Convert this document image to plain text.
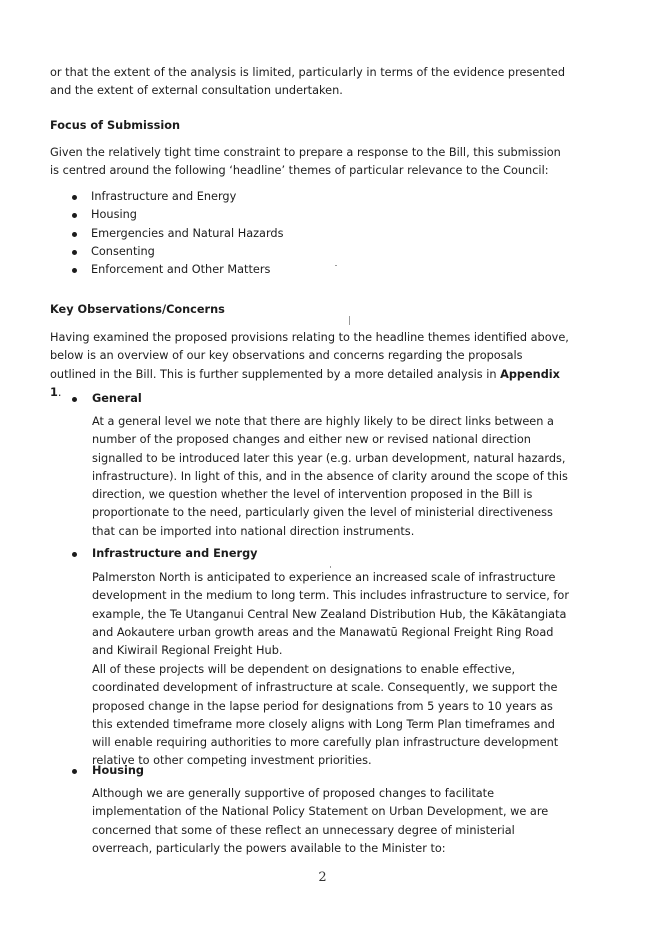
or that the extent of the analysis is limited, particularly in terms of the evidence presented and the extent of external consultation undertaken.

Focus of Submission

Given the relatively tight time constraint to prepare a response to the Bill, this submission is centred around the following ‘headline’ themes of particular relevance to the Council:

Infrastructure and Energy
Housing
Emergencies and Natural Hazards
Consenting
Enforcement and Other Matters

Key Observations/Concerns

Having examined the proposed provisions relating to the headline themes identified above, below is an overview of our key observations and concerns regarding the proposals outlined in the Bill. This is further supplemented by a more detailed analysis in Appendix 1.	General

At a general level we note that there are highly likely to be direct links between a number of the proposed changes and either new or revised national direction signalled to be introduced later this year (e.g. urban development, natural hazards, infrastructure). In light of this, and in the absence of clarity around the scope of this direction, we question whether the level of intervention proposed in the Bill is proportionate to the need, particularly given the level of ministerial directiveness that can be imported into national direction instruments.

Infrastructure and Energy

Palmerston North is anticipated to experience an increased scale of infrastructure development in the medium to long term. This includes infrastructure to service, for example, the Te Utanganui Central New Zealand Distribution Hub, the Kākātangiata and Aokautere urban growth areas and the Manawatū Regional Freight Ring Road and Kiwirail Regional Freight Hub.

All of these projects will be dependent on designations to enable effective, coordinated development of infrastructure at scale. Consequently, we support the proposed change in the lapse period for designations from 5 years to 10 years as this extended timeframe more closely aligns with Long Term Plan timeframes and will enable requiring authorities to more carefully plan infrastructure development relative to other competing investment priorities.

Housing

Although we are generally supportive of proposed changes to facilitate implementation of the National Policy Statement on Urban Development, we are concerned that some of these reflect an unnecessary degree of ministerial overreach, particularly the powers available to the Minister to:

2
